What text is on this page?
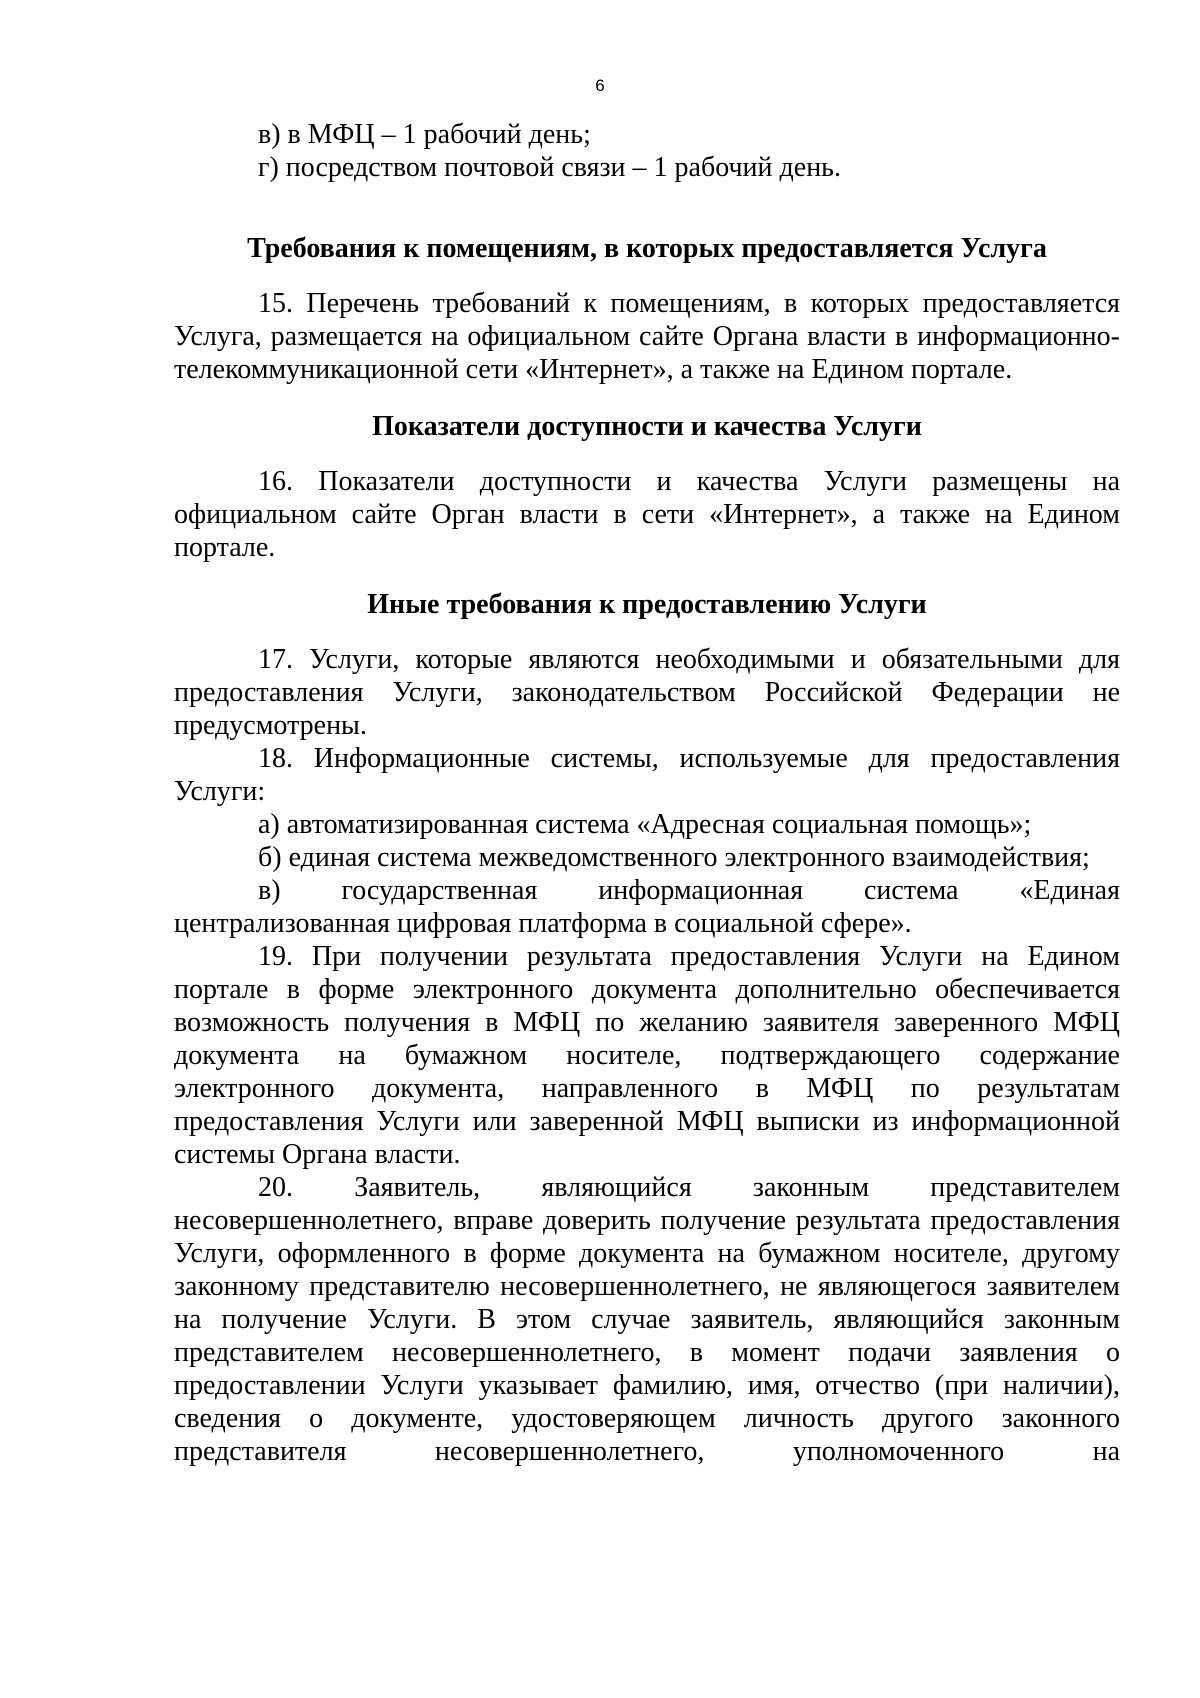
6

в) в МФЦ – 1 рабочий день;

г) посредством почтовой связи – 1 рабочий день.

Требования к помещениям, в которых предоставляется Услуга

15. Перечень требований к помещениям, в которых предоставляется Услуга, размещается на официальном сайте Органа власти в информационно-телекоммуникационной сети «Интернет», а также на Едином портале.

Показатели доступности и качества Услуги

16. Показатели доступности и качества Услуги размещены на официальном сайте Орган власти в сети «Интернет», а также на Едином портале.

Иные требования к предоставлению Услуги

17. Услуги, которые являются необходимыми и обязательными для предоставления Услуги, законодательством Российской Федерации не предусмотрены.

18. Информационные системы, используемые для предоставления Услуги:

а) автоматизированная система «Адресная социальная помощь»;

б) единая система межведомственного электронного взаимодействия;

в) государственная информационная система «Единая централизованная цифровая платформа в социальной сфере».

19. При получении результата предоставления Услуги на Едином портале в форме электронного документа дополнительно обеспечивается возможность получения в МФЦ по желанию заявителя заверенного МФЦ документа на бумажном носителе, подтверждающего содержание электронного документа, направленного в МФЦ по результатам предоставления Услуги или заверенной МФЦ выписки из информационной системы Органа власти.

20. Заявитель, являющийся законным представителем несовершеннолетнего, вправе доверить получение результата предоставления Услуги, оформленного в форме документа на бумажном носителе, другому законному представителю несовершеннолетнего, не являющегося заявителем на получение Услуги. В этом случае заявитель, являющийся законным представителем несовершеннолетнего, в момент подачи заявления о предоставлении Услуги указывает фамилию, имя, отчество (при наличии), сведения о документе, удостоверяющем личность другого законного представителя несовершеннолетнего, уполномоченного на
